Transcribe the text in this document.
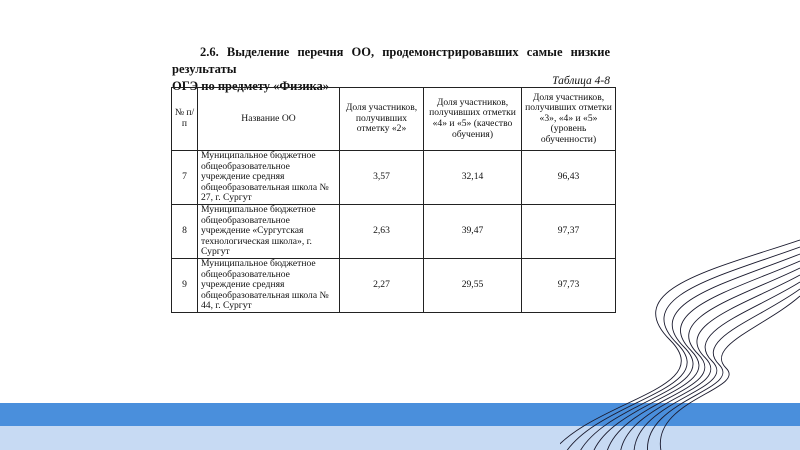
2.6. Выделение перечня ОО, продемонстрировавших самые низкие результаты
ОГЭ по предмету «Физика»	Таблица 4-8
№ п/п	Название ОО	Доля участников, получивших отметку «2»	Доля участников, получивших отметки «4» и «5» (качество обучения)	Доля участников, получивших отметки «3», «4» и «5» (уровень обученности)
7	Муниципальное бюджетное общеобразовательное учреждение средняя общеобразовательная школа № 27, г. Сургут	3,57	32,14	96,43
8	Муниципальное бюджетное общеобразовательное учреждение «Сургутская технологическая школа», г. Сургут	2,63	39,47	97,37
9	Муниципальное бюджетное общеобразовательное учреждение средняя общеобразовательная школа № 44, г. Сургут	2,27	29,55	97,73
